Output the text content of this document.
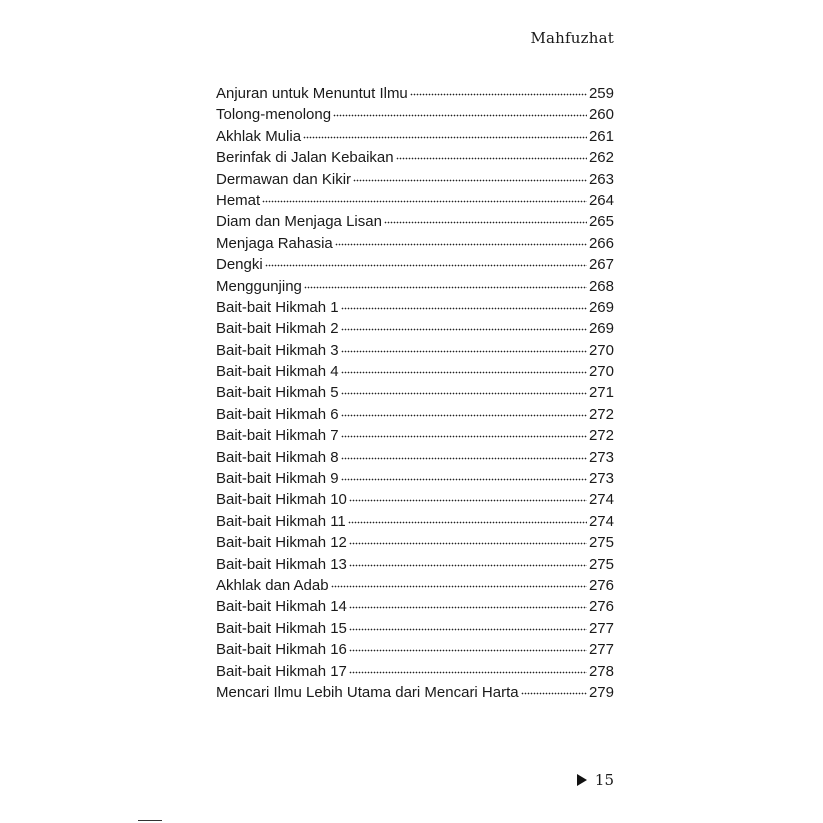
Mahfuzhat
Anjuran untuk Menuntut Ilmu	259
Tolong-menolong	260
Akhlak Mulia	261
Berinfak di Jalan Kebaikan	262
Dermawan dan Kikir	263
Hemat	264
Diam dan Menjaga Lisan	265
Menjaga Rahasia	266
Dengki	267
Menggunjing	268
Bait-bait Hikmah 1	269
Bait-bait Hikmah 2	269
Bait-bait Hikmah 3	270
Bait-bait Hikmah 4	270
Bait-bait Hikmah 5	271
Bait-bait Hikmah 6	272
Bait-bait Hikmah 7	272
Bait-bait Hikmah 8	273
Bait-bait Hikmah 9	273
Bait-bait Hikmah 10	274
Bait-bait Hikmah 11	274
Bait-bait Hikmah 12	275
Bait-bait Hikmah 13	275
Akhlak dan Adab	276
Bait-bait Hikmah 14	276
Bait-bait Hikmah 15	277
Bait-bait Hikmah 16	277
Bait-bait Hikmah 17	278
Mencari Ilmu Lebih Utama dari Mencari Harta	279
15
